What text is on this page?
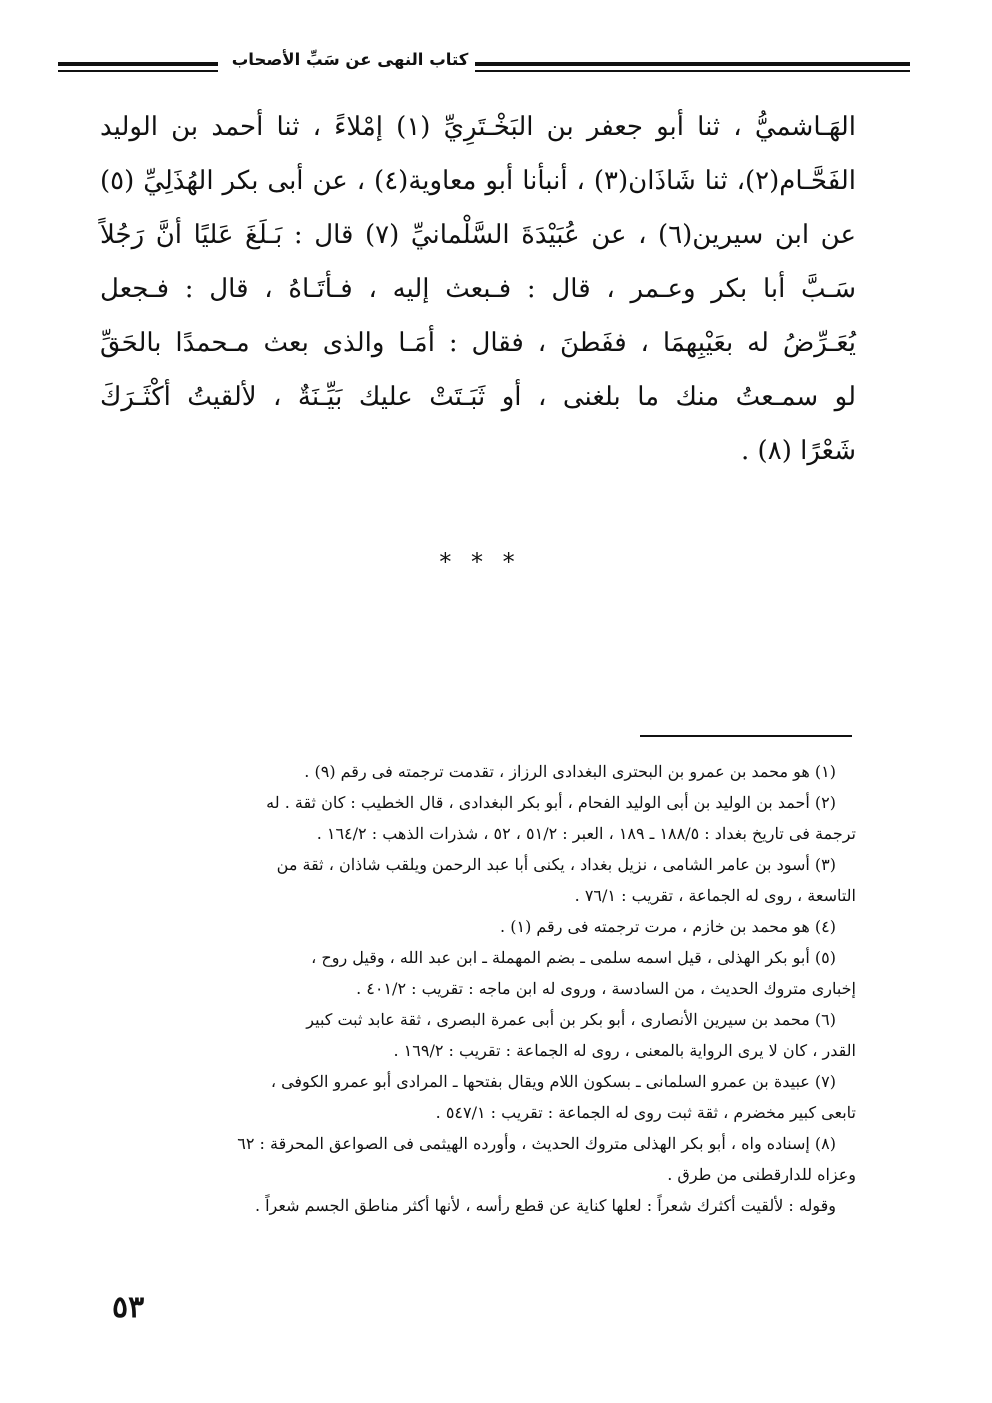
كتاب النهى عن سَبِّ الأصحاب
الهَـاشميُّ ، ثنا أبو جعفر بن البَخْـتَرِيِّ (١) إمْلاءً ، ثنا أحمد بن الوليد
الفَحَّـام(٢)، ثنا شَاذَان(٣) ، أنبأنا أبو معاوية(٤) ، عن أبى بكر الهُذَلِيِّ (٥)
عن ابن سيرين(٦) ، عن عُبَيْدَةَ السَّلْمانيِّ (٧) قال : بَـلَغَ عَليًا أنَّ رَجُلاً
سَـبَّ أبا بكر وعـمر ، قال : فـبعث إليه ، فـأتَـاهُ ، قال : فـجعل
يُعَـرِّضُ له بعَيْبِهمَا ، ففَطنَ ، فقال : أمَـا والذى بعث مـحمدًا بالحَقِّ
لو سمـعتُ منك ما بلغنى ، أو ثَبَـتَتْ عليك بَيِّـنَةٌ ، لألقيتُ أكْثَـرَكَ
شَعْرًا (٨) .
* * *
(١) هو محمد بن عمرو بن البحترى البغدادى الرزاز ، تقدمت ترجمته فى رقم (٩) .
(٢) أحمد بن الوليد بن أبى الوليد الفحام ، أبو بكر البغدادى ، قال الخطيب : كان ثقة . له
ترجمة فى تاريخ بغداد : ١٨٨/٥ ـ ١٨٩ ، العبر : ٥١/٢ ، ٥٢ ، شذرات الذهب : ١٦٤/٢ .
(٣) أسود بن عامر الشامى ، نزيل بغداد ، يكنى أبا عبد الرحمن ويلقب شاذان ، ثقة من
التاسعة ، روى له الجماعة ، تقريب : ٧٦/١ .
(٤) هو محمد بن خازم ، مرت ترجمته فى رقم (١) .
(٥) أبو بكر الهذلى ، قيل اسمه سلمى ـ بضم المهملة ـ ابن عبد الله ، وقيل روح ،
إخبارى متروك الحديث ، من السادسة ، وروى له ابن ماجه : تقريب : ٤٠١/٢ .
(٦) محمد بن سيرين الأنصارى ، أبو بكر بن أبى عمرة البصرى ، ثقة عابد ثبت كبير
القدر ، كان لا يرى الرواية بالمعنى ، روى له الجماعة : تقريب : ١٦٩/٢ .
(٧) عبيدة بن عمرو السلمانى ـ بسكون اللام ويقال بفتحها ـ المرادى أبو عمرو الكوفى ،
تابعى كبير مخضرم ، ثقة ثبت روى له الجماعة : تقريب : ٥٤٧/١ .
(٨) إسناده واه ، أبو بكر الهذلى متروك الحديث ، وأورده الهيثمى فى الصواعق المحرقة : ٦٢
وعزاه للدارقطنى من طرق .
وقوله : لألقيت أكثرك شعراً : لعلها كناية عن قطع رأسه ، لأنها أكثر مناطق الجسم شعراً .
٥٣
